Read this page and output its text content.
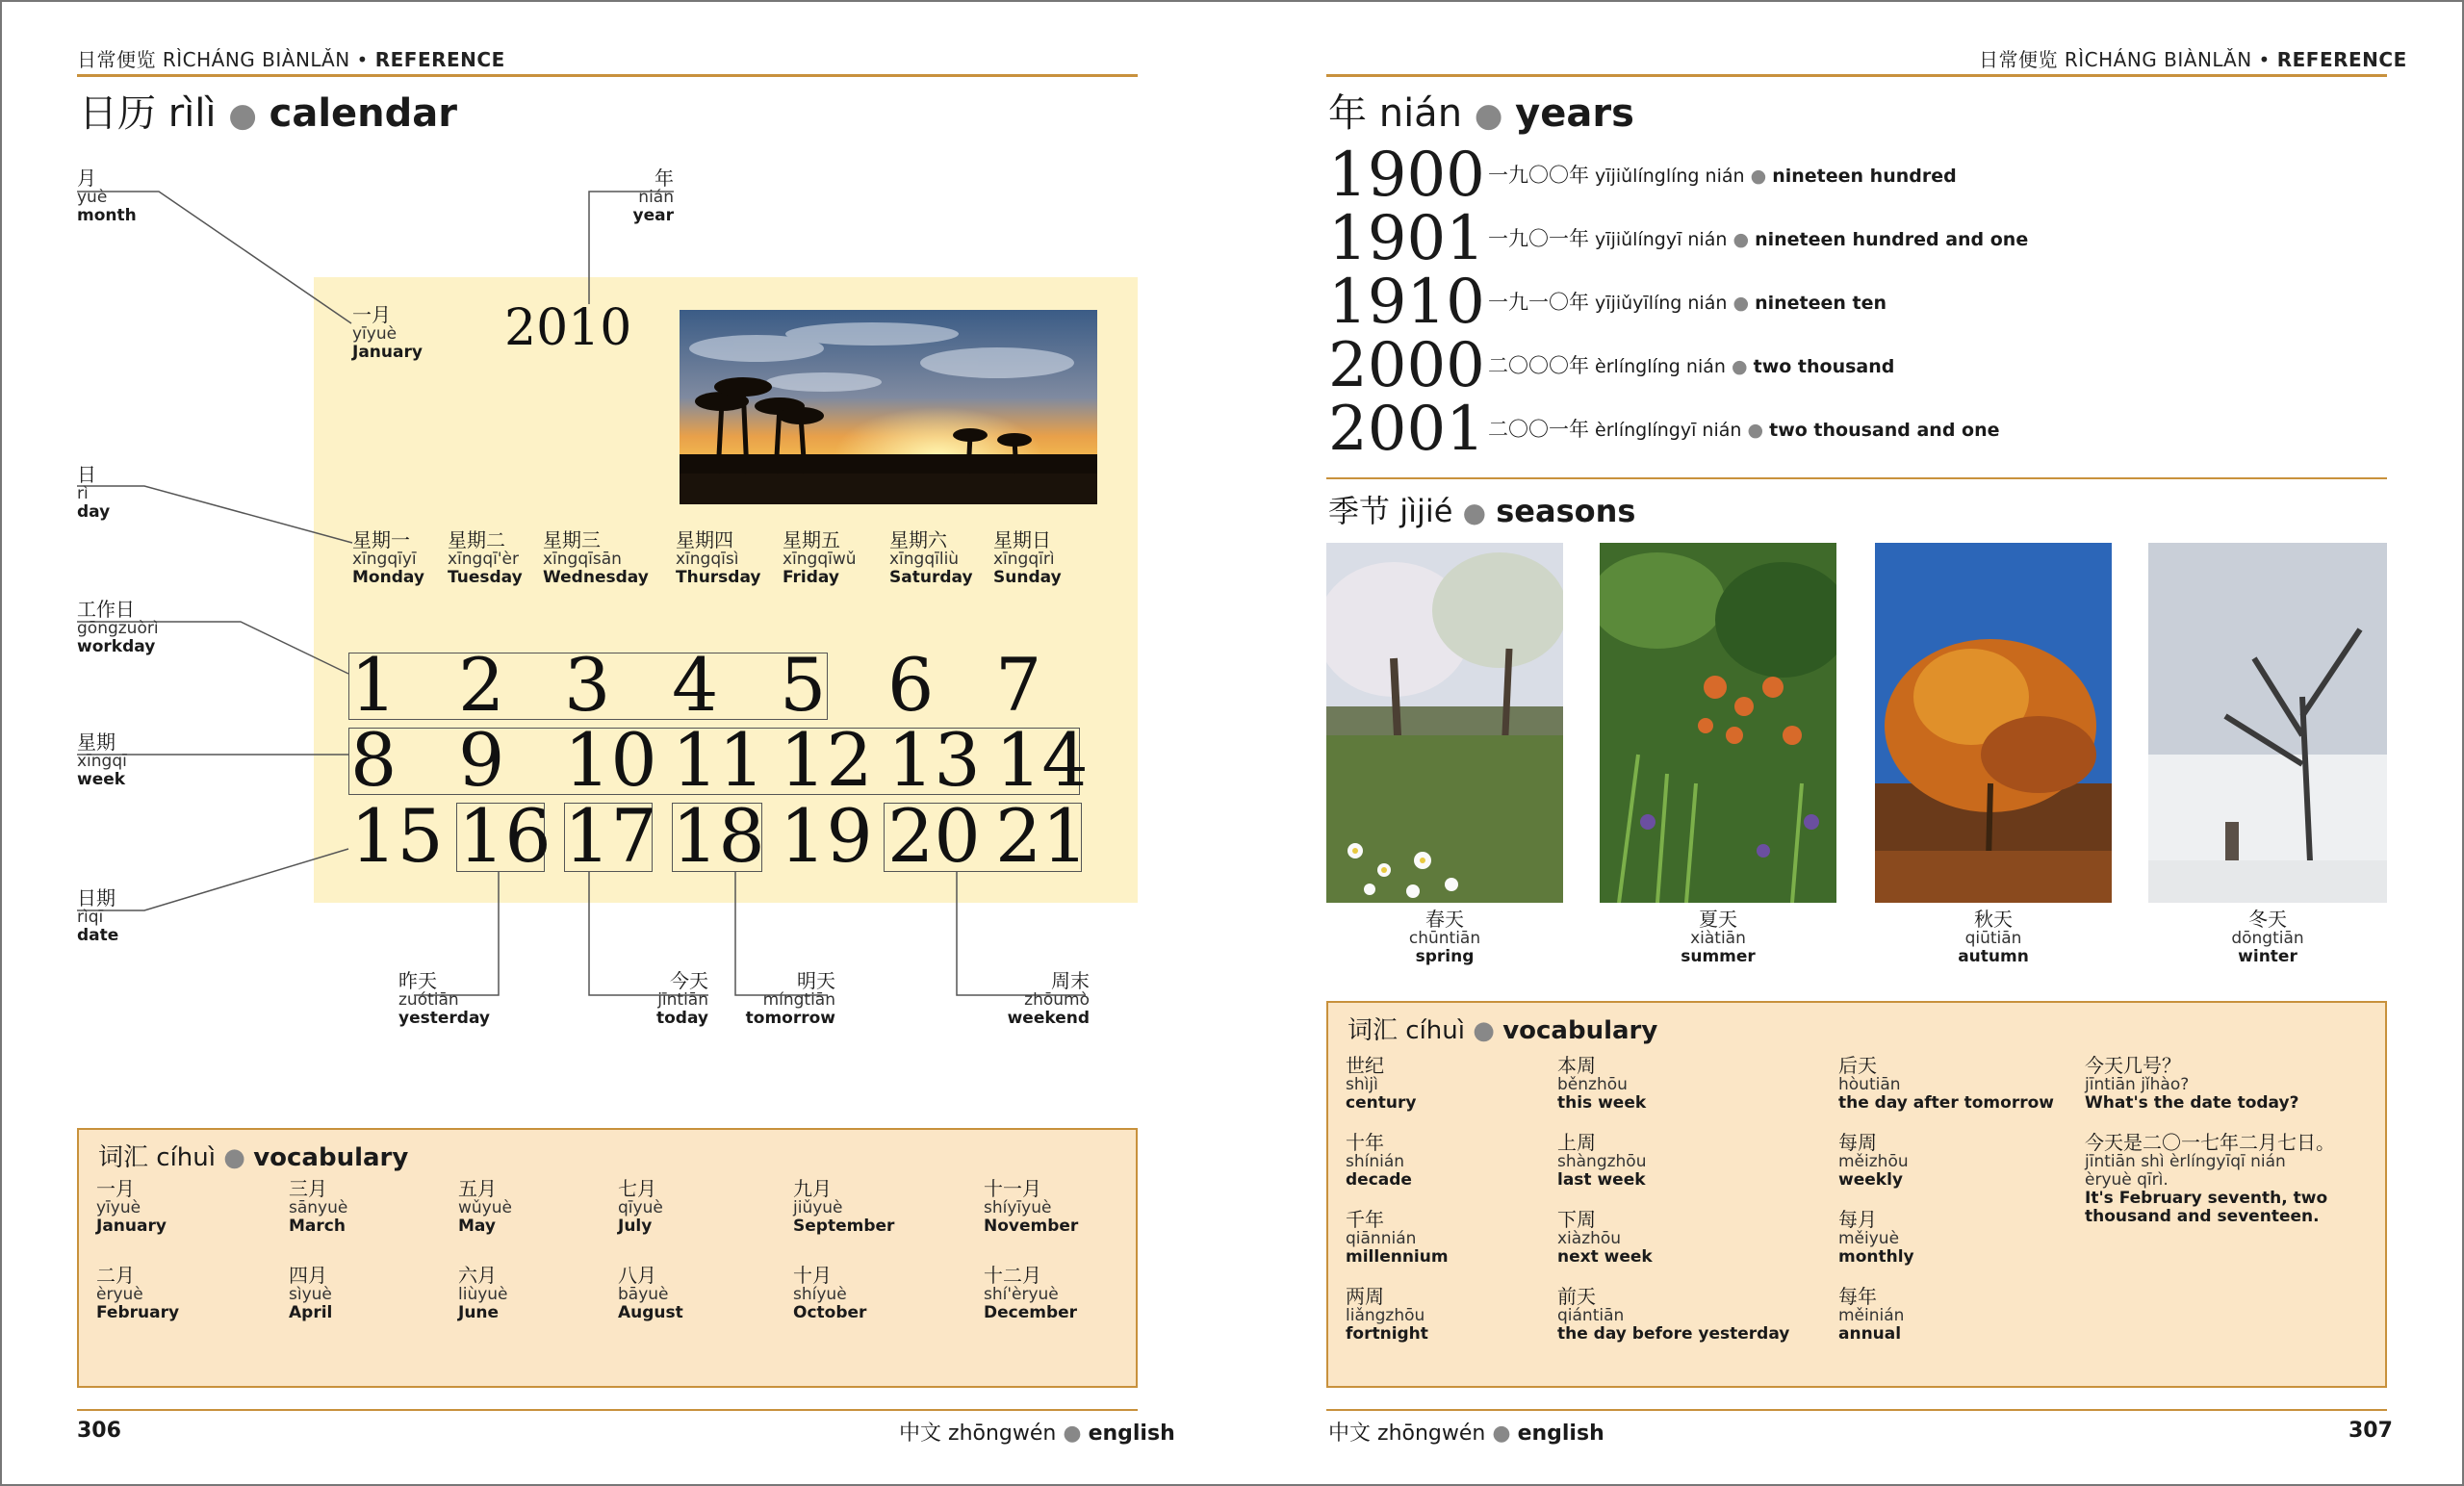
日常便览 RÌCHÁNG BIÀNLǍN • REFERENCE
日历 rìlì ● calendar
2010
月
yuè
month
年
nián
year
一月
yīyuè
January
日
rì
day
工作日
gōngzuòrì
workday
星期
xīngqī
week
日期
rìqī
date
星期一
xīngqīyī
Monday
星期二
xīngqī'èr
Tuesday
星期三
xīngqīsān
Wednesday
星期四
xīngqīsì
Thursday
星期五
xīngqīwǔ
Friday
星期六
xīngqīliù
Saturday
星期日
xīngqīrì
Sunday
1 2 3 4 5 6 7
8 9 10 11 12 13 14
15 16 17 18 19 20 21
昨天
zuótiān
yesterday
今天
jīntiān
today
明天
míngtiān
tomorrow
周末
zhōumò
weekend
词汇 cíhuì ● vocabulary
一月
yīyuè
January
二月
èryuè
February
三月
sānyuè
March
四月
sìyuè
April
五月
wǔyuè
May
六月
liùyuè
June
七月
qīyuè
July
八月
bāyuè
August
九月
jiǔyuè
September
十月
shíyuè
October
十一月
shíyīyuè
November
十二月
shí'èryuè
December
306	中文 zhōngwén ● english
日常便览 RÌCHÁNG BIÀNLǍN • REFERENCE
年 nián ● years
1900 一九〇〇年 yījiǔlínglíng nián ● nineteen hundred
1901 一九〇一年 yījiǔlíngyī nián ● nineteen hundred and one
1910 一九一〇年 yījiǔyīlíng nián ● nineteen ten
2000 二〇〇〇年 èrlínglíng nián ● two thousand
2001 二〇〇一年 èrlínglíngyī nián ● two thousand and one
季节 jìjié ● seasons
春天
chūntiān
spring
夏天
xiàtiān
summer
秋天
qiūtiān
autumn
冬天
dōngtiān
winter
词汇 cíhuì ● vocabulary
世纪
shìjì
century
十年
shínián
decade
千年
qiānnián
millennium
两周
liǎngzhōu
fortnight
本周
běnzhōu
this week
上周
shàngzhōu
last week
下周
xiàzhōu
next week
前天
qiántiān
the day before yesterday
后天
hòutiān
the day after tomorrow
每周
měizhōu
weekly
每月
měiyuè
monthly
每年
měinián
annual
今天几号？
jīntiān jǐhào?
What's the date today?
今天是二〇一七年二月七日。
jīntiān shì èrlíngyīqī nián
èryuè qīrì.
It's February seventh, two
thousand and seventeen.
中文 zhōngwén ● english	307
